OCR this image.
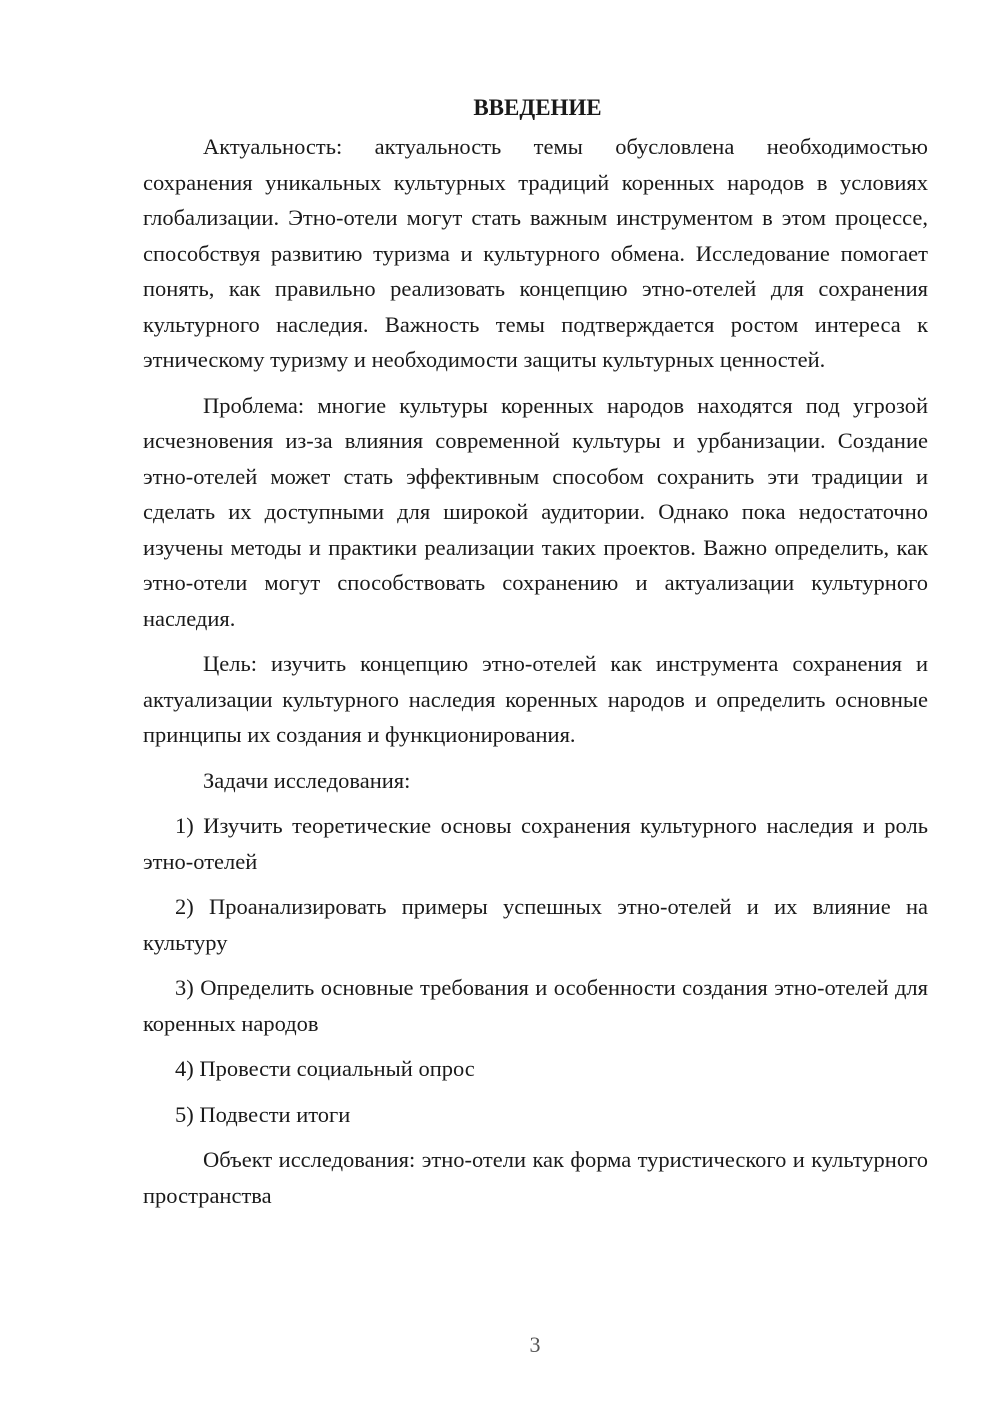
ВВЕДЕНИЕ

Актуальность: актуальность темы обусловлена необходимостью сохранения уникальных культурных традиций коренных народов в условиях глобализации. Этно-отели могут стать важным инструментом в этом процессе, способствуя развитию туризма и культурного обмена. Исследование помогает понять, как правильно реализовать концепцию этно-отелей для сохранения культурного наследия. Важность темы подтверждается ростом интереса к этническому туризму и необходимости защиты культурных ценностей.

Проблема: многие культуры коренных народов находятся под угрозой исчезновения из-за влияния современной культуры и урбанизации. Создание этно-отелей может стать эффективным способом сохранить эти традиции и сделать их доступными для широкой аудитории. Однако пока недостаточно изучены методы и практики реализации таких проектов. Важно определить, как этно-отели могут способствовать сохранению и актуализации культурного наследия.

Цель: изучить концепцию этно-отелей как инструмента сохранения и актуализации культурного наследия коренных народов и определить основные принципы их создания и функционирования.

Задачи исследования:

1) Изучить теоретические основы сохранения культурного наследия и роль этно-отелей

2) Проанализировать примеры успешных этно-отелей и их влияние на культуру

3) Определить основные требования и особенности создания этно-отелей для коренных народов

4) Провести социальный опрос

5) Подвести итоги

Объект исследования: этно-отели как форма туристического и культурного пространства

3
